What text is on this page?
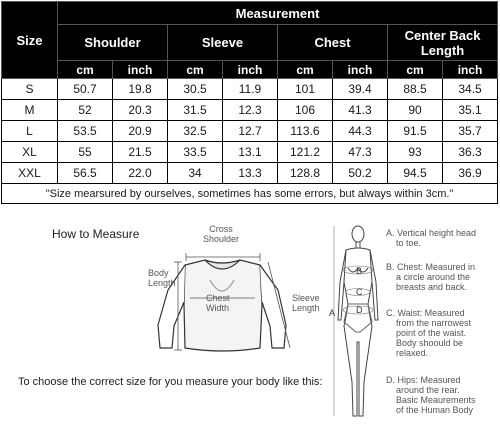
Size	Measurement							
	Shoulder		Sleeve		Chest		Center Back
Length	
	cm	inch	cm	inch	cm	inch	cm	inch
S	50.7	19.8	30.5	11.9	101	39.4	88.5	34.5
M	52	20.3	31.5	12.3	106	41.3	90	35.1
L	53.5	20.9	32.5	12.7	113.6	44.3	91.5	35.7
XL	55	21.5	33.5	13.1	121.2	47.3	93	36.3
XXL	56.5	22.0	34	13.3	128.8	50.2	94.5	36.9
"Size mearsured by ourselves, sometimes has some errors, but always within 3cm."								
How to Measure	Cross
Shoulder
Body
Length
Chest
Width
Sleeve
Length
To choose the correct size for you measure your body like this:
A
B
C
D
A. Vertical height head
to toe.
B. Chest: Measured in
a circle around the
breasts and back.
C. Waist: Measured
from the narrowest
point of the waist.
Body shoould be
relaxed.
D. Hips: Measured
around the rear.
Basic Meaurements
of the Human Body
